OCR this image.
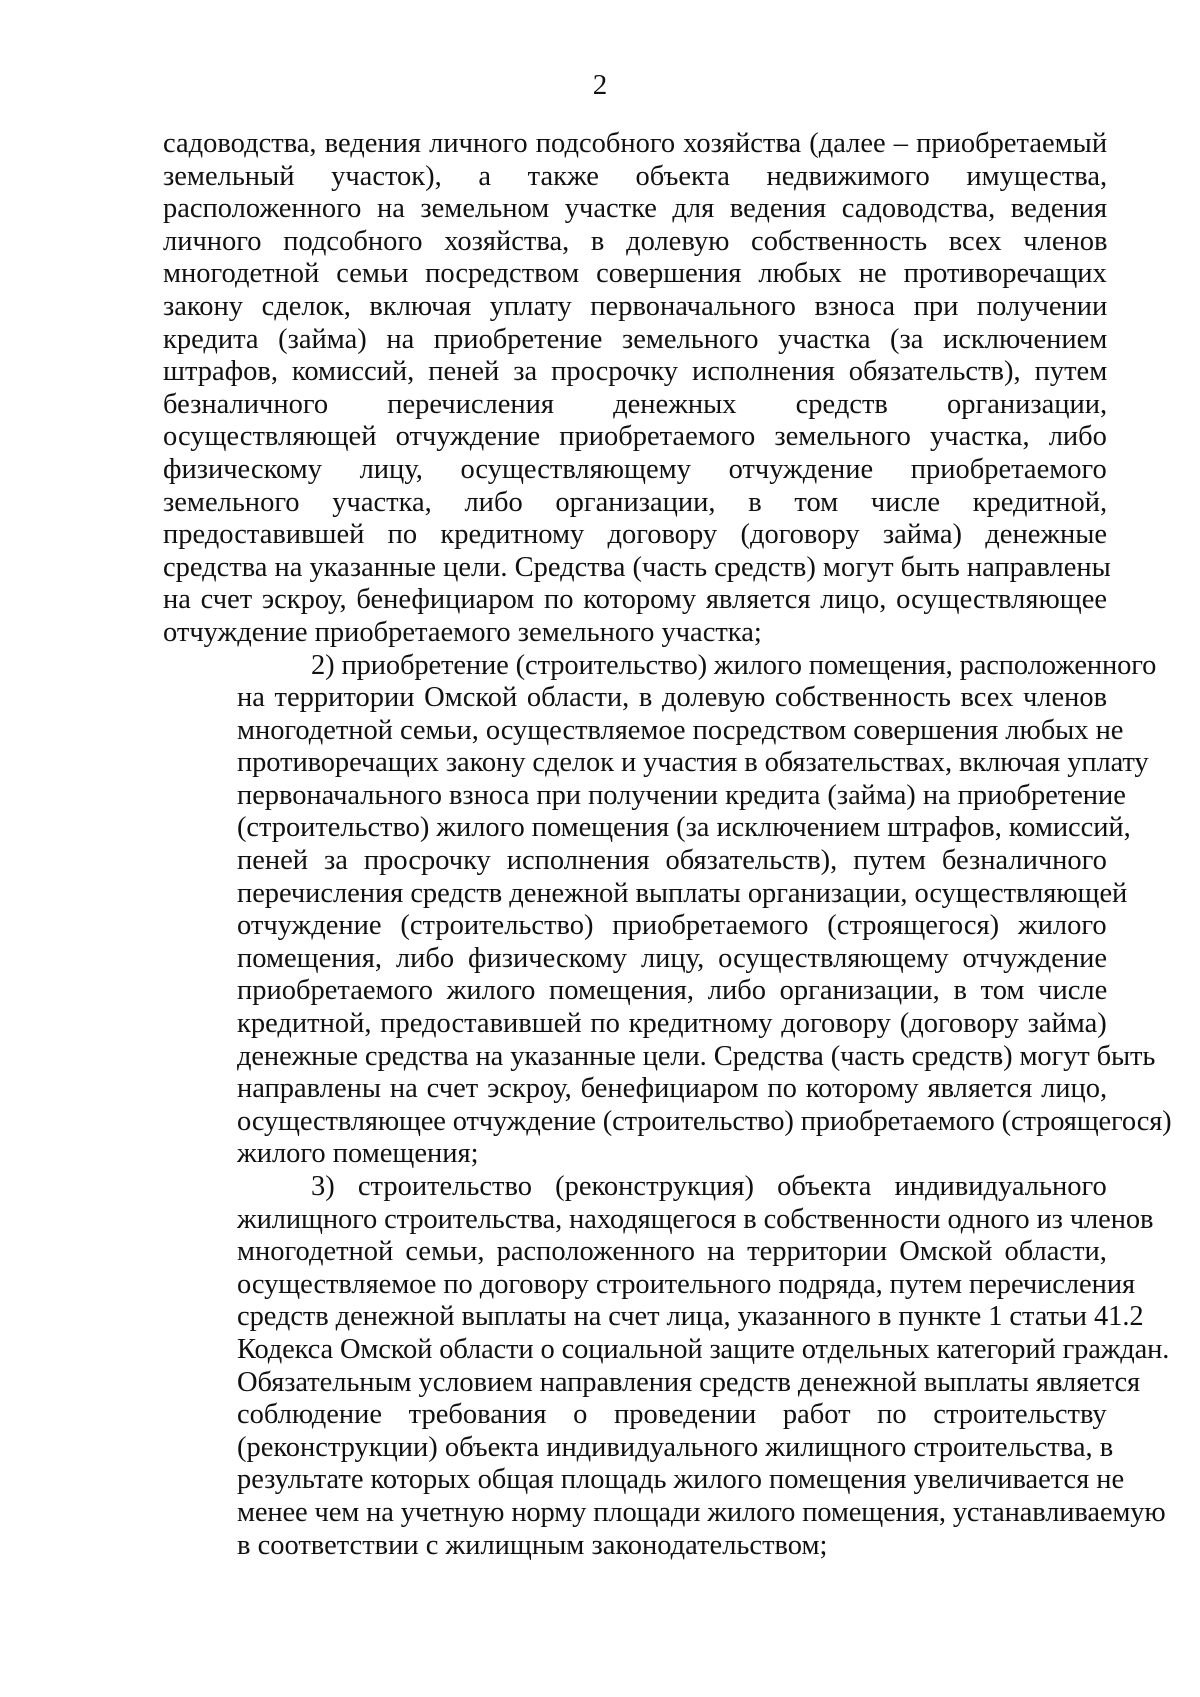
2
садоводства, ведения личного подсобного хозяйства (далее – приобретаемый
земельный участок), а также объекта недвижимого имущества,
расположенного на земельном участке для ведения садоводства, ведения
личного подсобного хозяйства, в долевую собственность всех членов
многодетной семьи посредством совершения любых не противоречащих
закону сделок, включая уплату первоначального взноса при получении
кредита (займа) на приобретение земельного участка (за исключением
штрафов, комиссий, пеней за просрочку исполнения обязательств), путем
безналичного перечисления денежных средств организации,
осуществляющей отчуждение приобретаемого земельного участка, либо
физическому лицу, осуществляющему отчуждение приобретаемого
земельного участка, либо организации, в том числе кредитной,
предоставившей по кредитному договору (договору займа) денежные
средства на указанные цели. Средства (часть средств) могут быть направлены
на счет эскроу, бенефициаром по которому является лицо, осуществляющее
отчуждение приобретаемого земельного участка;
2) приобретение (строительство) жилого помещения, расположенного
на территории Омской области, в долевую собственность всех членов
многодетной семьи, осуществляемое посредством совершения любых не
противоречащих закону сделок и участия в обязательствах, включая уплату
первоначального взноса при получении кредита (займа) на приобретение
(строительство) жилого помещения (за исключением штрафов, комиссий,
пеней за просрочку исполнения обязательств), путем безналичного
перечисления средств денежной выплаты организации, осуществляющей
отчуждение (строительство) приобретаемого (строящегося) жилого
помещения, либо физическому лицу, осуществляющему отчуждение
приобретаемого жилого помещения, либо организации, в том числе
кредитной, предоставившей по кредитному договору (договору займа)
денежные средства на указанные цели. Средства (часть средств) могут быть
направлены на счет эскроу, бенефициаром по которому является лицо,
осуществляющее отчуждение (строительство) приобретаемого (строящегося)
жилого помещения;
3) строительство (реконструкция) объекта индивидуального
жилищного строительства, находящегося в собственности одного из членов
многодетной семьи, расположенного на территории Омской области,
осуществляемое по договору строительного подряда, путем перечисления
средств денежной выплаты на счет лица, указанного в пункте 1 статьи 41.2
Кодекса Омской области о социальной защите отдельных категорий граждан.
Обязательным условием направления средств денежной выплаты является
соблюдение требования о проведении работ по строительству
(реконструкции) объекта индивидуального жилищного строительства, в
результате которых общая площадь жилого помещения увеличивается не
менее чем на учетную норму площади жилого помещения, устанавливаемую
в соответствии с жилищным законодательством;
